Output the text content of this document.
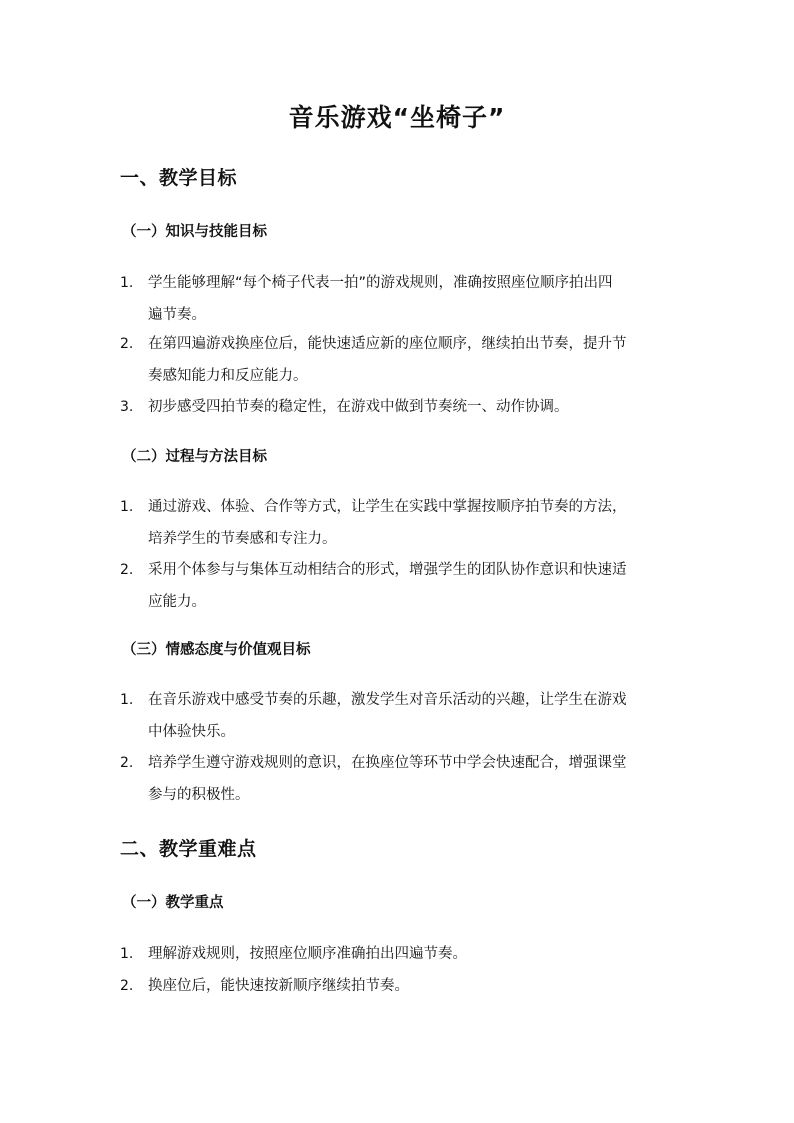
音乐游戏“坐椅子”
一、教学目标
（一）知识与技能目标
1.	学生能够理解“每个椅子代表一拍”的游戏规则，准确按照座位顺序拍出四
遍节奏。
2.	在第四遍游戏换座位后，能快速适应新的座位顺序，继续拍出节奏，提升节
奏感知能力和反应能力。
3.	初步感受四拍节奏的稳定性，在游戏中做到节奏统一、动作协调。
（二）过程与方法目标
1.	通过游戏、体验、合作等方式，让学生在实践中掌握按顺序拍节奏的方法，
培养学生的节奏感和专注力。
2.	采用个体参与与集体互动相结合的形式，增强学生的团队协作意识和快速适
应能力。
（三）情感态度与价值观目标
1.	在音乐游戏中感受节奏的乐趣，激发学生对音乐活动的兴趣，让学生在游戏
中体验快乐。
2.	培养学生遵守游戏规则的意识，在换座位等环节中学会快速配合，增强课堂
参与的积极性。
二、教学重难点
（一）教学重点
1.	理解游戏规则，按照座位顺序准确拍出四遍节奏。
2.	换座位后，能快速按新顺序继续拍节奏。
